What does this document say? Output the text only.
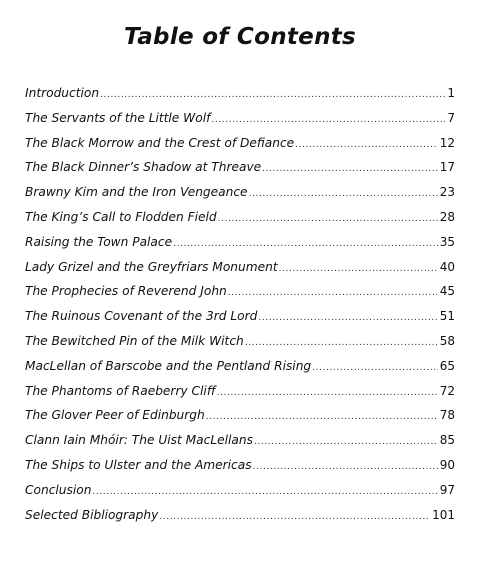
Table of Contents
Introduction .....	1
The Servants of the Little Wolf .....	7
The Black Morrow and the Crest of Defiance .....	12
The Black Dinner’s Shadow at Threave .....	17
Brawny Kim and the Iron Vengeance .....	23
The King’s Call to Flodden Field .....	28
Raising the Town Palace .....	35
Lady Grizel and the Greyfriars Monument .....	40
The Prophecies of Reverend John .....	45
The Ruinous Covenant of the 3rd Lord .....	51
The Bewitched Pin of the Milk Witch .....	58
MacLellan of Barscobe and the Pentland Rising .....	65
The Phantoms of Raeberry Cliff .....	72
The Glover Peer of Edinburgh .....	78
Clann Iain Mhóir: The Uist MacLellans .....	85
The Ships to Ulster and the Americas .....	90
Conclusion .....	97
Selected Bibliography .....	101
